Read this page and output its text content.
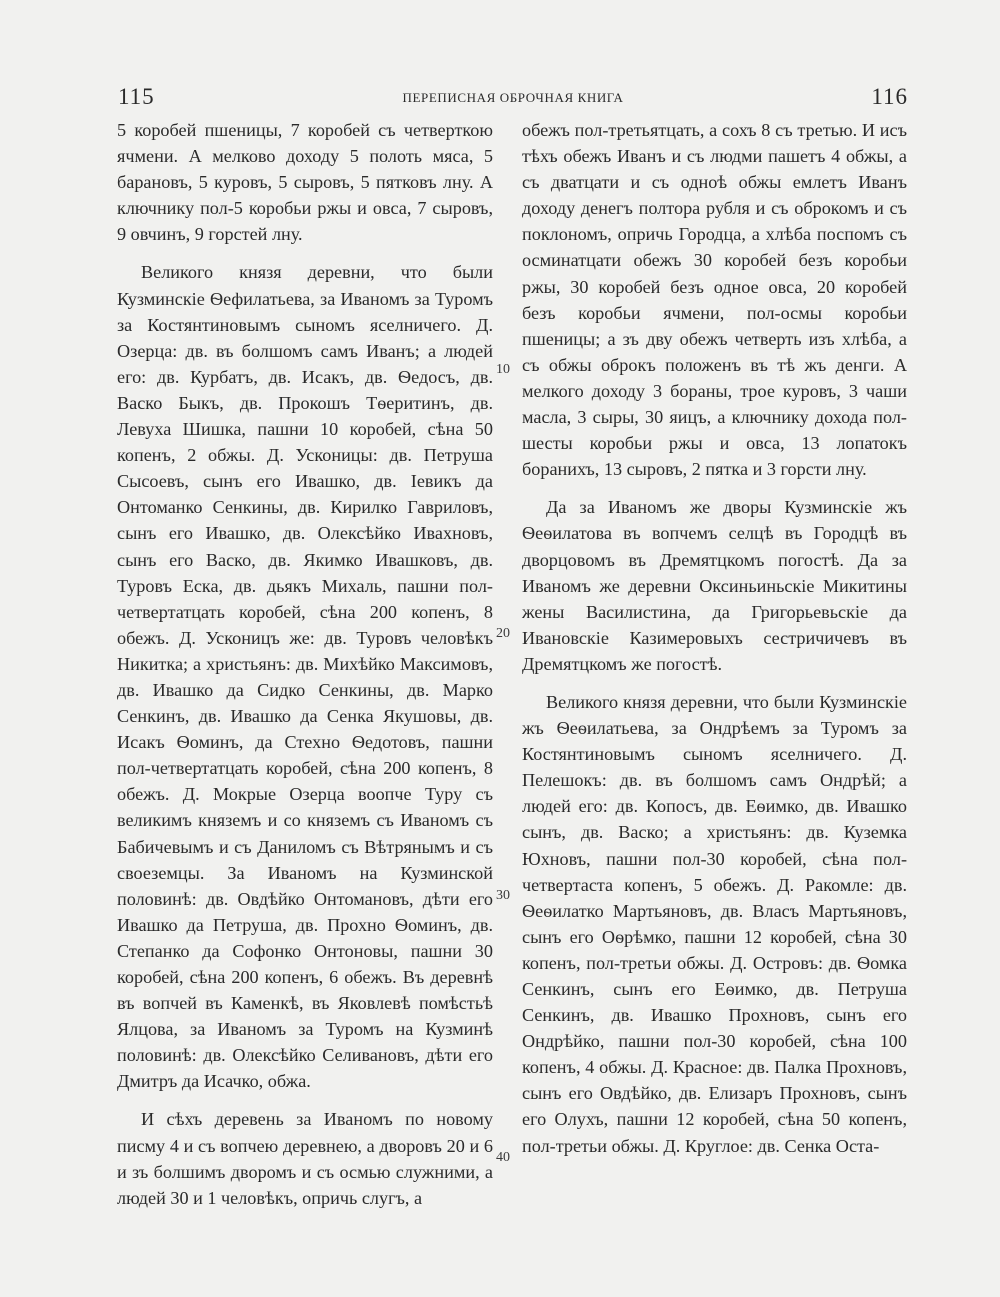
115	ПЕРЕПИСНАЯ ОБРОЧНАЯ КНИГА	116

5 коробей пшеницы, 7 коробей съ четверткою ячмени. А мелково доходу 5 полоть мяса, 5 барановъ, 5 куровъ, 5 сыровъ, 5 пятковъ лну. А ключнику пол-5 коробьи ржы и овса, 7 сыровъ, 9 овчинъ, 9 горстей лну.

Великого князя деревни, что были Кузминскіе Ѳефилатьева, за Иваномъ за Туромъ за Костянтиновымъ сыномъ яселничего. Д. Озерца: дв. въ болшомъ самъ Иванъ; а людей его: дв. Курбатъ, дв. Исакъ, дв. Ѳедосъ, дв. Васко Быкъ, дв. Прокошъ Тѳеритинъ, дв. Левуха Шишка, пашни 10 коробей, сѣна 50 копенъ, 2 обжы. Д. Усконицы: дв. Петруша Сысоевъ, сынъ его Ивашко, дв. Іевикъ да Онтоманко Сенкины, дв. Кирилко Гавриловъ, сынъ его Ивашко, дв. Олексѣйко Ивахновъ, сынъ его Васко, дв. Якимко Ивашковъ, дв. Туровъ Еска, дв. дьякъ Михаль, пашни пол-четвертатцать коробей, сѣна 200 копенъ, 8 обежъ. Д. Усконицъ же: дв. Туровъ человѣкъ Никитка; а христьянъ: дв. Михѣйко Максимовъ, дв. Ивашко да Сидко Сенкины, дв. Марко Сенкинъ, дв. Ивашко да Сенка Якушовы, дв. Исакъ Ѳоминъ, да Стехно Ѳедотовъ, пашни пол-четвертатцать коробей, сѣна 200 копенъ, 8 обежъ. Д. Мокрые Озерца воопче Туру съ великимъ княземъ и со княземъ съ Иваномъ съ Бабичевымъ и съ Даниломъ съ Вѣтрянымъ и съ своеземцы. За Иваномъ на Кузминской половинѣ: дв. Овдѣйко Онтомановъ, дѣти его Ивашко да Петруша, дв. Прохно Ѳоминъ, дв. Степанко да Софонко Онтоновы, пашни 30 коробей, сѣна 200 копенъ, 6 обежъ. Въ деревнѣ въ вопчей въ Каменкѣ, въ Яковлевѣ помѣстьѣ Ялцова, за Иваномъ за Туромъ на Кузминѣ половинѣ: дв. Олексѣйко Селивановъ, дѣти его Дмитръ да Исачко, обжа.

И сѣхъ деревень за Иваномъ по новому писму 4 и съ вопчею деревнею, а дворовъ 20 и 6 и зъ болшимъ дворомъ и съ осмью служними, а людей 30 и 1 человѣкъ, опричь слугъ, а

обежъ пол-третьятцать, а сохъ 8 съ третью. И исъ тѣхъ обежъ Иванъ и съ людми пашетъ 4 обжы, а съ дватцати и съ одноѣ обжы емлетъ Иванъ доходу денегъ полтора рубля и съ оброкомъ и съ поклономъ, опричь Городца, а хлѣба поспомъ съ осминатцати обежъ 30 коробей безъ коробьи ржы, 30 коробей безъ одное овса, 20 коробей безъ коробьи ячмени, пол-осмы коробьи пшеницы; а зъ дву обежъ четверть изъ хлѣба, а съ обжы оброкъ положенъ въ тѣ жъ денги. А мелкого доходу 3 бораны, трое куровъ, 3 чаши масла, 3 сыры, 30 яицъ, а ключнику дохода пол-шесты коробьи ржы и овса, 13 лопатокъ боранихъ, 13 сыровъ, 2 пятка и 3 горсти лну.

Да за Иваномъ же дворы Кузминскіе жъ Ѳеѳилатова въ вопчемъ селцѣ въ Городцѣ въ дворцовомъ въ Дремятцкомъ погостѣ. Да за Иваномъ же деревни Оксиньиньскіе Микитины жены Василистина, да Григорьевьскіе да Ивановскіе Казимеровыхъ сестричичевъ въ Дремятцкомъ же погостѣ.

Великого князя деревни, что были Кузминскіе жъ Ѳеѳилатьева, за Ондрѣемъ за Туромъ за Костянтиновымъ сыномъ яселничего. Д. Пелешокъ: дв. въ болшомъ самъ Ондрѣй; а людей его: дв. Копосъ, дв. Еѳимко, дв. Ивашко сынъ, дв. Васко; а христьянъ: дв. Куземка Юхновъ, пашни пол-30 коробей, сѣна пол-четвертаста копенъ, 5 обежъ. Д. Ракомле: дв. Ѳеѳилатко Мартьяновъ, дв. Власъ Мартьяновъ, сынъ его Оѳрѣмко, пашни 12 коробей, сѣна 30 копенъ, пол-третьи обжы. Д. Островъ: дв. Ѳомка Сенкинъ, сынъ его Еѳимко, дв. Петруша Сенкинъ, дв. Ивашко Прохновъ, сынъ его Ондрѣйко, пашни пол-30 коробей, сѣна 100 копенъ, 4 обжы. Д. Красное: дв. Палка Прохновъ, сынъ его Овдѣйко, дв. Елизаръ Прохновъ, сынъ его Олухъ, пашни 12 коробей, сѣна 50 копенъ, пол-третьи обжы. Д. Круглое: дв. Сенка Оста-

10
20
30
40
